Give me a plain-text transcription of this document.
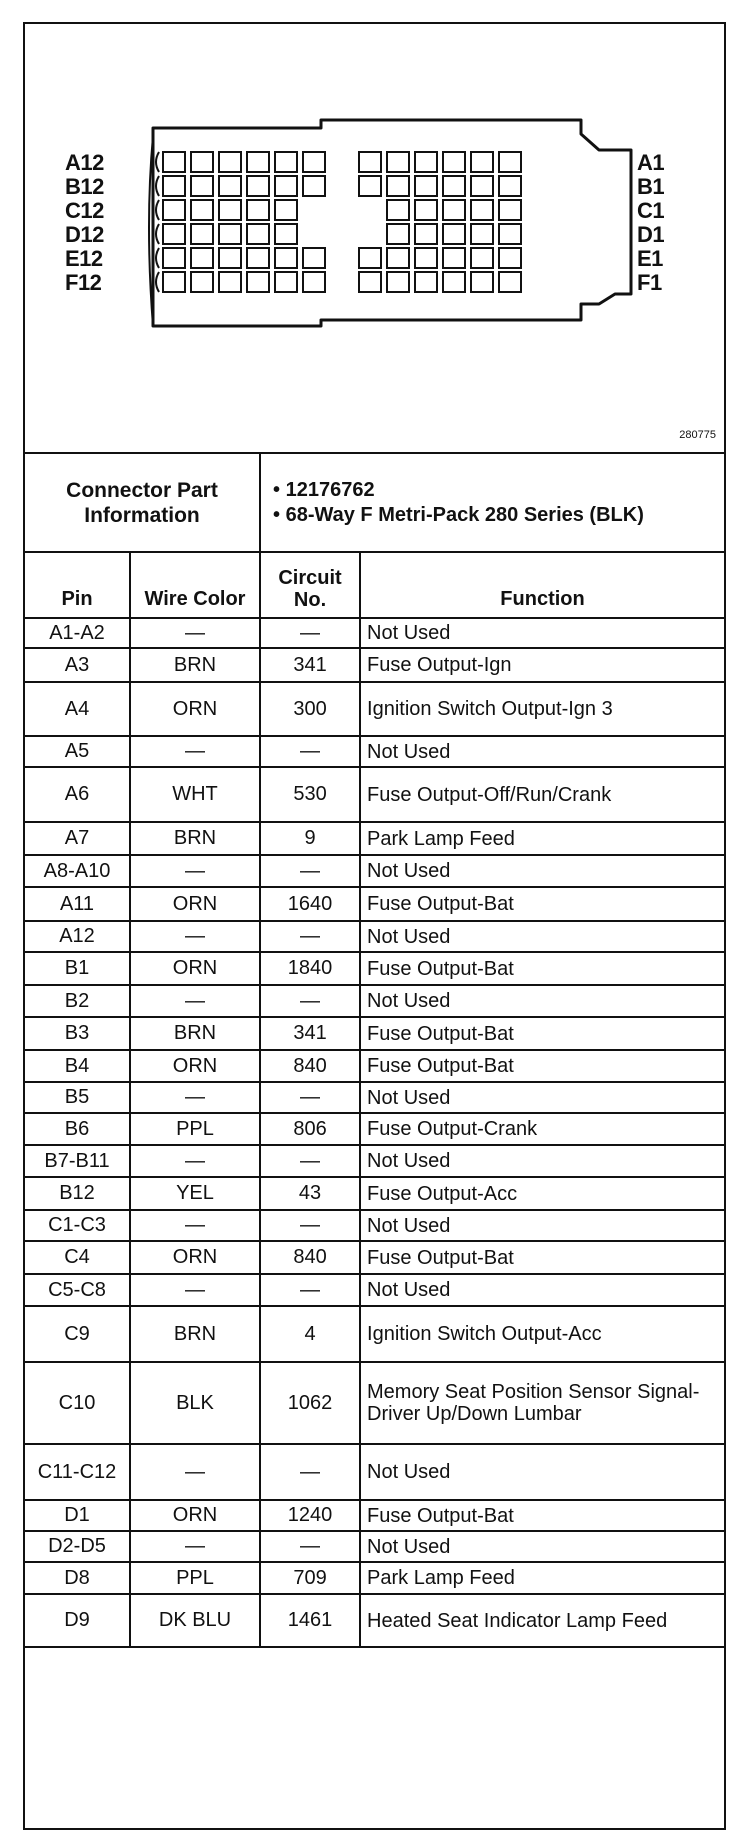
A12
B12
C12
D12
E12
F12
A1
B1
C1
D1
E1
F1
280775
Connector Part Information		• 12176762
• 68-Way F Metri-Pack 280 Series (BLK)	

Pin	Wire Color	Circuit No.	Function
A1-A2	—	—	Not Used
A3	BRN	341	Fuse Output-Ign
A4	ORN	300	Ignition Switch Output-Ign 3
A5	—	—	Not Used
A6	WHT	530	Fuse Output-Off/Run/Crank
A7	BRN	9	Park Lamp Feed
A8-A10	—	—	Not Used
A11	ORN	1640	Fuse Output-Bat
A12	—	—	Not Used
B1	ORN	1840	Fuse Output-Bat
B2	—	—	Not Used
B3	BRN	341	Fuse Output-Bat
B4	ORN	840	Fuse Output-Bat
B5	—	—	Not Used
B6	PPL	806	Fuse Output-Crank
B7-B11	—	—	Not Used
B12	YEL	43	Fuse Output-Acc
C1-C3	—	—	Not Used
C4	ORN	840	Fuse Output-Bat
C5-C8	—	—	Not Used
C9	BRN	4	Ignition Switch Output-Acc
C10	BLK	1062	Memory Seat Position Sensor Signal-Driver Up/Down Lumbar
C11-C12	—	—	Not Used
D1	ORN	1240	Fuse Output-Bat
D2-D5	—	—	Not Used
D8	PPL	709	Park Lamp Feed
D9	DK BLU	1461	Heated Seat Indicator Lamp Feed
